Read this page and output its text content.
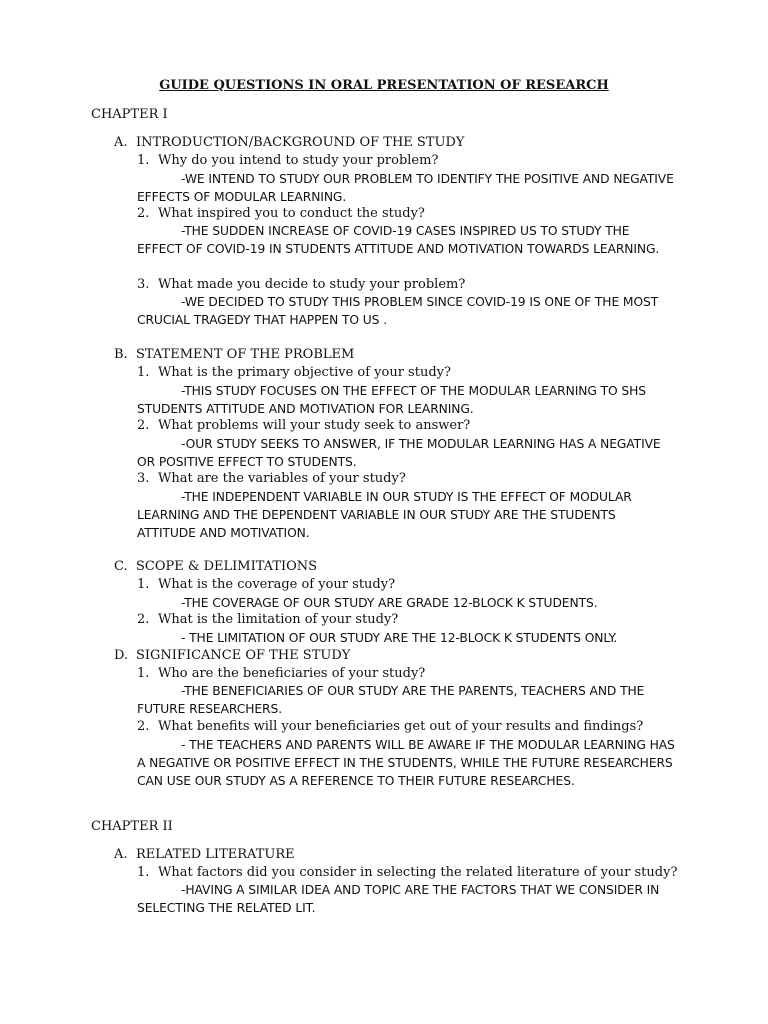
GUIDE QUESTIONS IN ORAL PRESENTATION OF RESEARCH
CHAPTER I
A. INTRODUCTION/BACKGROUND OF THE STUDY
1. Why do you intend to study your problem?
-WE INTEND TO STUDY OUR PROBLEM TO IDENTIFY THE POSITIVE AND NEGATIVE EFFECTS OF MODULAR LEARNING.
2. What inspired you to conduct the study?
-THE SUDDEN INCREASE OF COVID-19 CASES INSPIRED US TO STUDY THE EFFECT OF COVID-19 IN STUDENTS ATTITUDE AND MOTIVATION TOWARDS LEARNING.
3. What made you decide to study your problem?
-WE DECIDED TO STUDY THIS PROBLEM SINCE COVID-19 IS ONE OF THE MOST CRUCIAL TRAGEDY THAT HAPPEN TO US .
B. STATEMENT OF THE PROBLEM
1. What is the primary objective of your study?
-THIS STUDY FOCUSES ON THE EFFECT OF THE MODULAR LEARNING TO SHS STUDENTS ATTITUDE AND MOTIVATION FOR LEARNING.
2. What problems will your study seek to answer?
-OUR STUDY SEEKS TO ANSWER, IF THE MODULAR LEARNING HAS A NEGATIVE OR POSITIVE EFFECT TO STUDENTS.
3. What are the variables of your study?
-THE INDEPENDENT VARIABLE IN OUR STUDY IS THE EFFECT OF MODULAR LEARNING AND THE DEPENDENT VARIABLE IN OUR STUDY ARE THE STUDENTS ATTITUDE AND MOTIVATION.
C. SCOPE & DELIMITATIONS
1. What is the coverage of your study?
-THE COVERAGE OF OUR STUDY ARE GRADE 12-BLOCK K STUDENTS.
2. What is the limitation of your study?
- THE LIMITATION OF OUR STUDY ARE THE 12-BLOCK K STUDENTS ONLY.
D. SIGNIFICANCE OF THE STUDY
1. Who are the beneficiaries of your study?
-THE BENEFICIARIES OF OUR STUDY ARE THE PARENTS, TEACHERS AND THE FUTURE RESEARCHERS.
2. What benefits will your beneficiaries get out of your results and findings?
- THE TEACHERS AND PARENTS WILL BE AWARE IF THE MODULAR LEARNING HAS A NEGATIVE OR POSITIVE EFFECT IN THE STUDENTS, WHILE THE FUTURE RESEARCHERS CAN USE OUR STUDY AS A REFERENCE TO THEIR FUTURE RESEARCHES.
CHAPTER II
A. RELATED LITERATURE
1. What factors did you consider in selecting the related literature of your study?
-HAVING A SIMILAR IDEA AND TOPIC ARE THE FACTORS THAT WE CONSIDER IN SELECTING THE RELATED LIT.
